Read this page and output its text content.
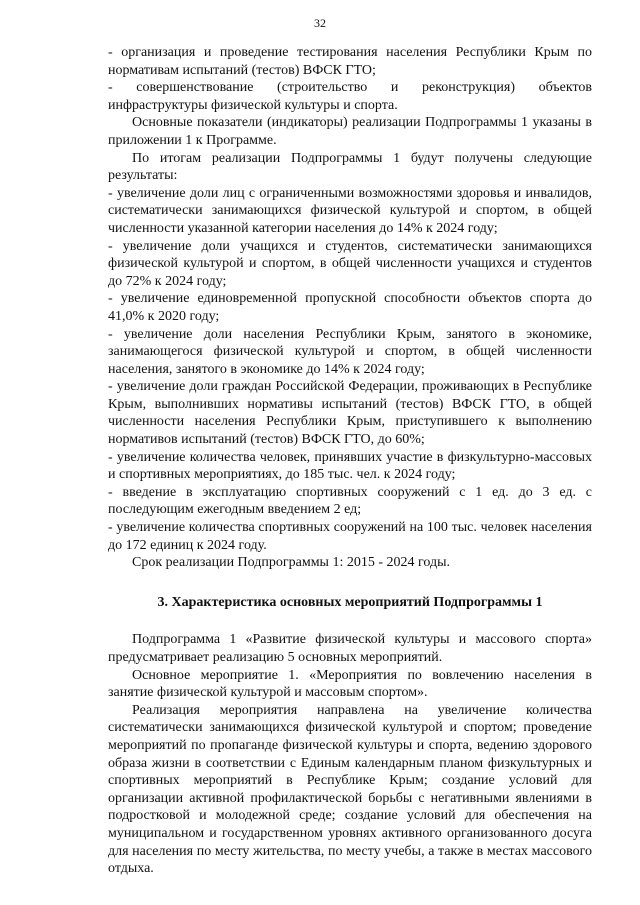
32

- организация и проведение тестирования населения Республики Крым по нормативам испытаний (тестов) ВФСК ГТО;

- совершенствование (строительство и реконструкция) объектов инфраструктуры физической культуры и спорта.

Основные показатели (индикаторы) реализации Подпрограммы 1 указаны в приложении 1 к Программе.

По итогам реализации Подпрограммы 1 будут получены следующие результаты:

- увеличение доли лиц с ограниченными возможностями здоровья и инвалидов, систематически занимающихся физической культурой и спортом, в общей численности указанной категории населения до 14% к 2024 году;

- увеличение доли учащихся и студентов, систематически занимающихся физической культурой и спортом, в общей численности учащихся и студентов до 72% к 2024 году;

- увеличение единовременной пропускной способности объектов спорта до 41,0% к 2020 году;

- увеличение доли населения Республики Крым, занятого в экономике, занимающегося физической культурой и спортом, в общей численности населения, занятого в экономике до 14% к 2024 году;

- увеличение доли граждан Российской Федерации, проживающих в Республике Крым, выполнивших нормативы испытаний (тестов) ВФСК ГТО, в общей численности населения Республики Крым, приступившего к выполнению нормативов испытаний (тестов) ВФСК ГТО, до 60%;

- увеличение количества человек, принявших участие в физкультурно-массовых и спортивных мероприятиях, до 185 тыс. чел. к 2024 году;

- введение в эксплуатацию спортивных сооружений с 1 ед. до 3 ед. с последующим ежегодным введением 2 ед;

- увеличение количества спортивных сооружений на 100 тыс. человек населения до 172 единиц к 2024 году.

Срок реализации Подпрограммы 1: 2015 - 2024 годы.

3. Характеристика основных мероприятий Подпрограммы 1

Подпрограмма 1 «Развитие физической культуры и массового спорта» предусматривает реализацию 5 основных мероприятий.

Основное мероприятие 1. «Мероприятия по вовлечению населения в занятие физической культурой и массовым спортом».

Реализация мероприятия направлена на увеличение количества систематически занимающихся физической культурой и спортом; проведение мероприятий по пропаганде физической культуры и спорта, ведению здорового образа жизни в соответствии с Единым календарным планом физкультурных и спортивных мероприятий в Республике Крым; создание условий для организации активной профилактической борьбы с негативными явлениями в подростковой и молодежной среде; создание условий для обеспечения на муниципальном и государственном уровнях активного организованного досуга для населения по месту жительства, по месту учебы, а также в местах массового отдыха.
